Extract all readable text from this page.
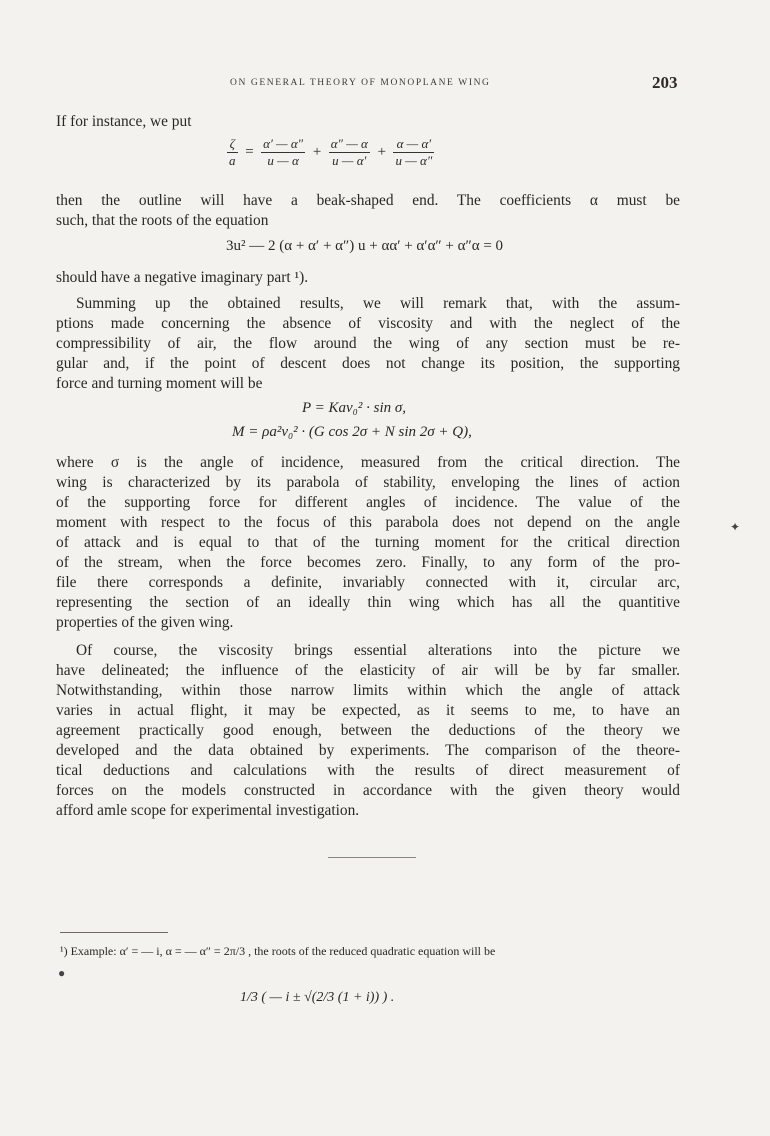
ON GENERAL THEORY OF MONOPLANE WING	203
If for instance, we put
$\frac{\zeta}{a} = \frac{\alpha' — \alpha''}{u — \alpha} + \frac{\alpha'' — \alpha}{u — \alpha'} + \frac{\alpha — \alpha'}{u — \alpha''}$
then the outline will have a beak-shaped end. The coefficients α must be
such, that the roots of the equation
3u² — 2 (α + α′ + α″) u + αα′ + α′α″ + α″α = 0
should have a negative imaginary part ¹).
Summing up the obtained results, we will remark that, with the assum-
ptions made concerning the absence of viscosity and with the neglect of the
compressibility of air, the flow around the wing of any section must be re-
gular and, if the point of descent does not change its position, the supporting
force and turning moment will be
P = Kav₀² · sin σ,
M = ρa²v₀² · (G cos 2σ + N sin 2σ + Q),
where σ is the angle of incidence, measured from the critical direction. The
wing is characterized by its parabola of stability, enveloping the lines of action
of the supporting force for different angles of incidence. The value of the
moment with respect to the focus of this parabola does not depend on the angle
of attack and is equal to that of the turning moment for the critical direction
of the stream, when the force becomes zero. Finally, to any form of the pro-
file there corresponds a definite, invariably connected with it, circular arc,
representing the section of an ideally thin wing which has all the quantitive
properties of the given wing.
Of course, the viscosity brings essential alterations into the picture we
have delineated; the influence of the elasticity of air will be by far smaller.
Notwithstanding, within those narrow limits within which the angle of attack
varies in actual flight, it may be expected, as it seems to me, to have an
agreement practically good enough, between the deductions of the theory we
developed and the data obtained by experiments. The comparison of the theore-
tical deductions and calculations with the results of direct measurement of
forces on the models constructed in accordance with the given theory would
afford amle scope for experimental investigation.
¹) Example: α′ = — i, α = — α″ = 2π/3 , the roots of the reduced quadratic equation will be
1/3 ( — i ± √(2/3 (1 + i)) ) .
✦
●
